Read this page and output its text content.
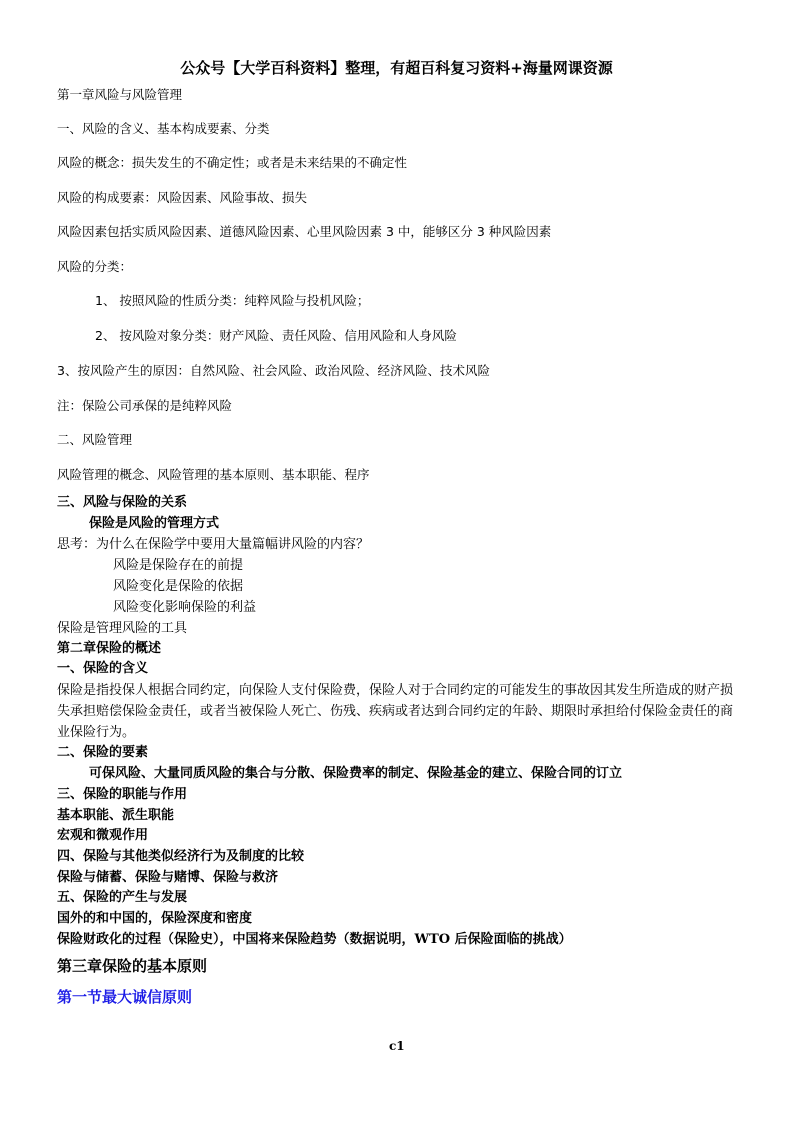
公众号【大学百科资料】整理，有超百科复习资料+海量网课资源
第一章风险与风险管理
一、风险的含义、基本构成要素、分类
风险的概念：损失发生的不确定性；或者是未来结果的不确定性
风险的构成要素：风险因素、风险事故、损失
风险因素包括实质风险因素、道德风险因素、心里风险因素 3 中，能够区分 3 种风险因素
风险的分类：
1、 按照风险的性质分类：纯粹风险与投机风险；
2、 按风险对象分类：财产风险、责任风险、信用风险和人身风险
3、按风险产生的原因：自然风险、社会风险、政治风险、经济风险、技术风险
注：保险公司承保的是纯粹风险
二、风险管理
风险管理的概念、风险管理的基本原则、基本职能、程序
三、风险与保险的关系
保险是风险的管理方式
思考：为什么在保险学中要用大量篇幅讲风险的内容？
风险是保险存在的前提
风险变化是保险的依据
风险变化影响保险的利益
保险是管理风险的工具
第二章保险的概述
一、保险的含义
保险是指投保人根据合同约定，向保险人支付保险费，保险人对于合同约定的可能发生的事故因其发生所造成的财产损失承担赔偿保险金责任，或者当被保险人死亡、伤残、疾病或者达到合同约定的年龄、期限时承担给付保险金责任的商业保险行为。
二、保险的要素
可保风险、大量同质风险的集合与分散、保险费率的制定、保险基金的建立、保险合同的订立
三、保险的职能与作用
基本职能、派生职能
宏观和微观作用
四、保险与其他类似经济行为及制度的比较
保险与储蓄、保险与赌博、保险与救济
五、保险的产生与发展
国外的和中国的，保险深度和密度
保险财政化的过程（保险史），中国将来保险趋势（数据说明，WTO 后保险面临的挑战）
第三章保险的基本原则
第一节最大诚信原则
c1
